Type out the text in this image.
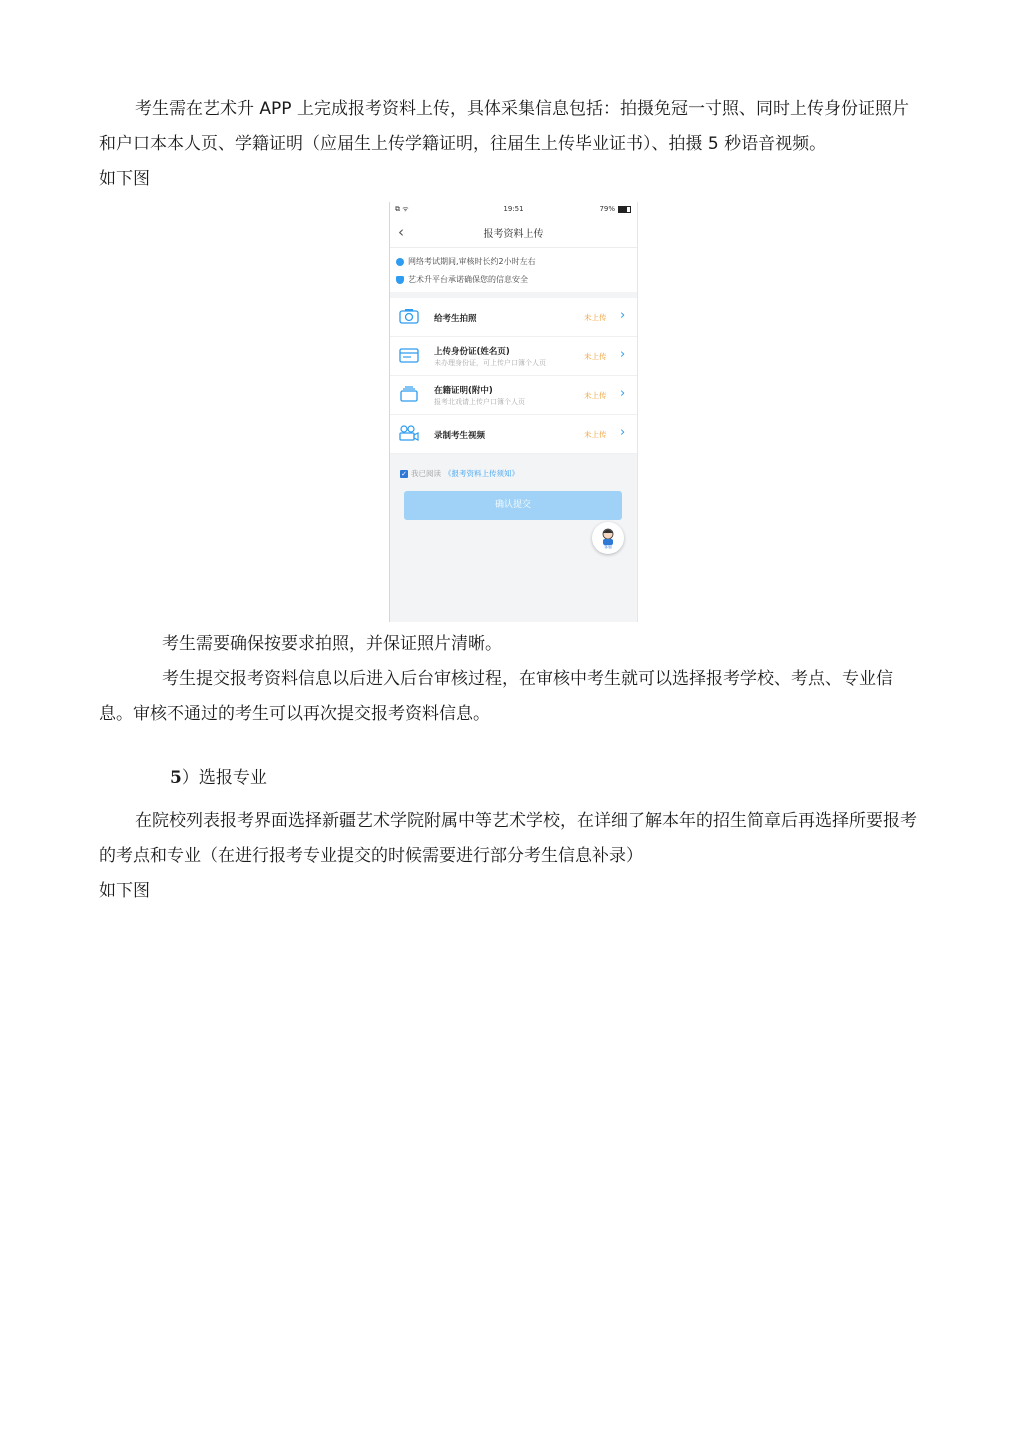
考生需在艺术升 APP 上完成报考资料上传，具体采集信息包括：拍摄免冠一寸照、同时上传身份证照片和户口本本人页、学籍证明（应届生上传学籍证明，往届生上传毕业证书）、拍摄 5 秒语音视频。

如下图

⧉ ᯤ	19:51	79%
‹	报考资料上传
网络考试期间,审核时长约2小时左右
艺术升平台承诺确保您的信息安全
给考生拍照	未上传 ›
上传身份证(姓名页)
未办理身份证，可上传户口簿个人页
未上传 ›
在籍证明(附中)
报考北戏请上传户口簿个人页
未上传 ›
录制考生视频	未上传 ›
✓ 我已阅读 《报考资料上传须知》
确认提交
客服

考生需要确保按要求拍照，并保证照片清晰。

考生提交报考资料信息以后进入后台审核过程，在审核中考生就可以选择报考学校、考点、专业信息。审核不通过的考生可以再次提交报考资料信息。

5）选报专业

在院校列表报考界面选择新疆艺术学院附属中等艺术学校，在详细了解本年的招生简章后再选择所要报考的考点和专业（在进行报考专业提交的时候需要进行部分考生信息补录）

如下图
